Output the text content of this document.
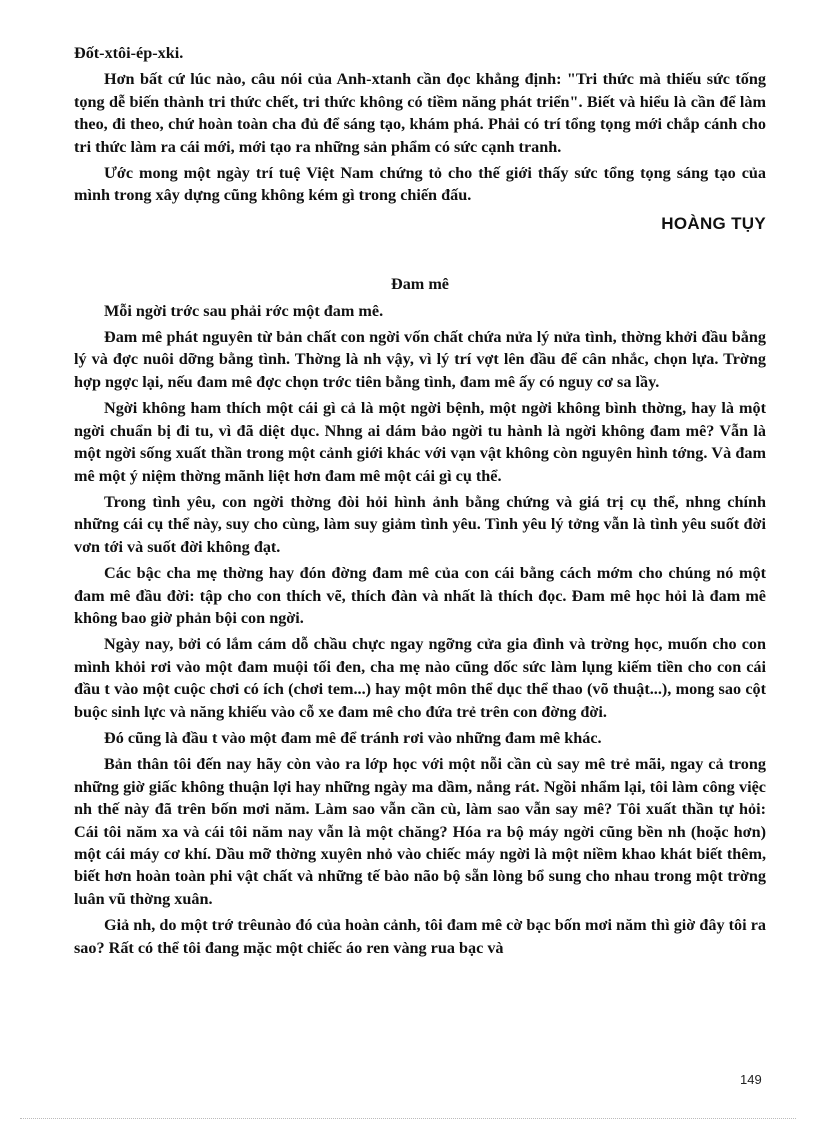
Đốt-xtôi-ép-xki.

Hơn bất cứ lúc nào, câu nói của Anh-xtanh cần đọc khẳng định: "Tri thức mà thiếu sức tống tọng dễ biến thành tri thức chết, tri thức không có tiềm năng phát triển". Biết và hiểu là cần để làm theo, đi theo, chứ hoàn toàn cha đủ để sáng tạo, khám phá. Phải có trí tổng tọng mới chắp cánh cho tri thức làm ra cái mới, mới tạo ra những sản phẩm có sức cạnh tranh.

Ước mong một ngày trí tuệ Việt Nam chứng tỏ cho thế giới thấy sức tổng tọng sáng tạo của mình trong xây dựng cũng không kém gì trong chiến đấu.

HOÀNG TỤY
Đam mê

Mỗi ngời trớc sau phải rớc một đam mê.

Đam mê phát nguyên từ bản chất con ngời vốn chất chứa nửa lý nửa tình, thờng khởi đầu bằng lý và đợc nuôi dỡng bằng tình. Thờng là nh vậy, vì lý trí vợt lên đầu để cân nhắc, chọn lựa. Trờng hợp ngợc lại, nếu đam mê đợc chọn trớc tiên bằng tình, đam mê ấy có nguy cơ sa lầy.

Ngời không ham thích một cái gì cả là một ngời bệnh, một ngời không bình thờng, hay là một ngời chuẩn bị đi tu, vì đã diệt dục. Nhng ai dám bảo ngời tu hành là ngời không đam mê? Vẫn là một ngời sống xuất thần trong một cảnh giới khác với vạn vật không còn nguyên hình tớng. Và đam mê một ý niệm thờng mãnh liệt hơn đam mê một cái gì cụ thể.

Trong tình yêu, con ngời thờng đòi hỏi hình ảnh bằng chứng và giá trị cụ thể, nhng chính những cái cụ thể này, suy cho cùng, làm suy giảm tình yêu. Tình yêu lý tởng vẫn là tình yêu suốt đời vơn tới và suốt đời không đạt.

Các bậc cha mẹ thờng hay đón đờng đam mê của con cái bằng cách mớm cho chúng nó một đam mê đầu đời: tập cho con thích vẽ, thích đàn và nhất là thích đọc. Đam mê học hỏi là đam mê không bao giờ phản bội con ngời.

Ngày nay, bởi có lắm cám dỗ chầu chực ngay ngỡng cửa gia đình và trờng học, muốn cho con mình khỏi rơi vào một đam muội tối đen, cha mẹ nào cũng dốc sức làm lụng kiếm tiền cho con cái đầu t vào một cuộc chơi có ích (chơi tem...) hay một môn thể dục thể thao (võ thuật...), mong sao cột buộc sinh lực và năng khiếu vào cỗ xe đam mê cho đứa trẻ trên con đờng đời.

Đó cũng là đầu t vào một đam mê để tránh rơi vào những đam mê khác.

Bản thân tôi đến nay hãy còn vào ra lớp học với một nỗi cần cù say mê trẻ mãi, ngay cả trong những giờ giấc không thuận lợi hay những ngày ma dầm, nắng rát. Ngồi nhẩm lại, tôi làm công việc nh thế này đã trên bốn mơi năm. Làm sao vẫn cần cù, làm sao vẫn say mê? Tôi xuất thần tự hỏi: Cái tôi năm xa và cái tôi năm nay vẫn là một chăng? Hóa ra bộ máy ngời cũng bền nh (hoặc hơn) một cái máy cơ khí. Dầu mỡ thờng xuyên nhỏ vào chiếc máy ngời là một niềm khao khát biết thêm, biết hơn hoàn toàn phi vật chất và những tế bào não bộ sẵn lòng bổ sung cho nhau trong một trờng luân vũ thờng xuân.

Giả nh, do một trớ trêunào đó của hoàn cảnh, tôi đam mê cờ bạc bốn mơi năm thì giờ đây tôi ra sao? Rất có thể tôi đang mặc một chiếc áo ren vàng rua bạc và

149
